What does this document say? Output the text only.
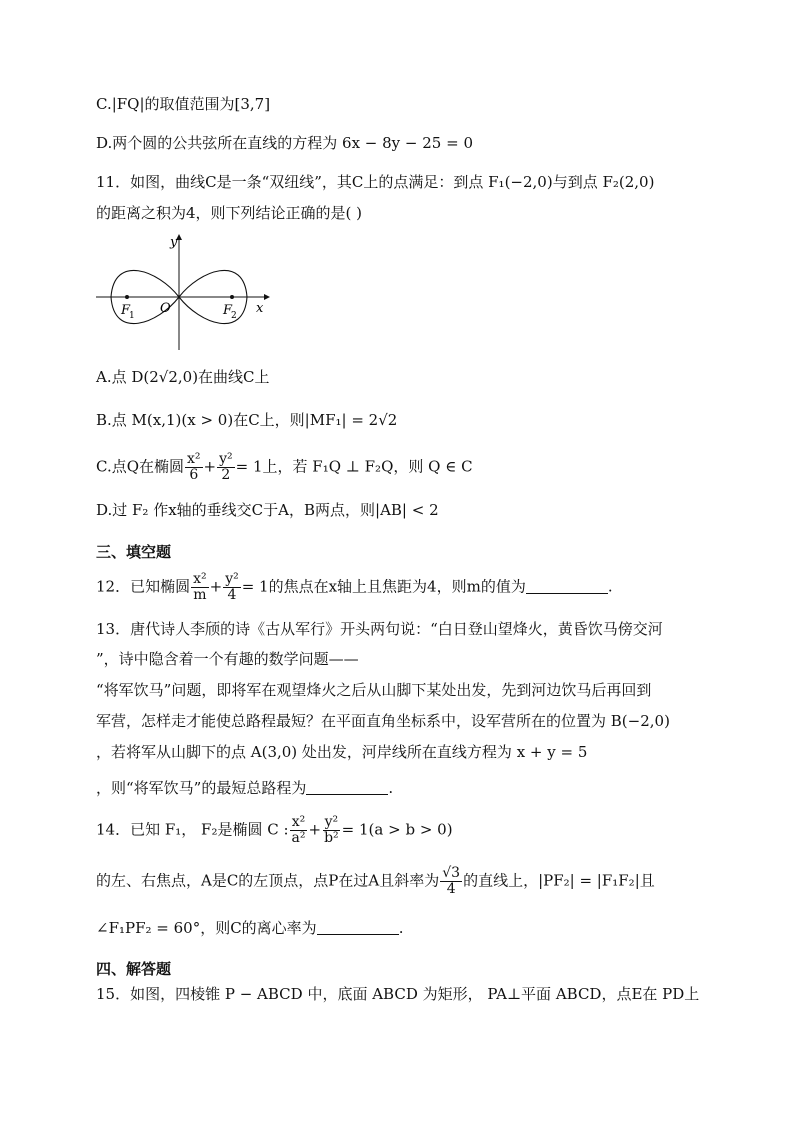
C.|FQ|的取值范围为[3,7]
D.两个圆的公共弦所在直线的方程为 6x − 8y − 25 = 0
11．如图，曲线C是一条“双纽线”，其C上的点满足：到点 F₁(−2,0)与到点 F₂(2,0)
的距离之积为4，则下列结论正确的是( )
y
x
O
F
1	F
2
A.点 D(2√2,0)在曲线C上
B.点 M(x,1)(x > 0)在C上，则|MF₁| = 2√2
C.点Q在椭圆 $\frac{\text{x²}}{6} + \frac{\text{y²}}{2} = 1$上，若 F₁Q ⊥ F₂Q，则 Q ∈ C
D.过 F₂ 作x轴的垂线交C于A，B两点，则|AB| < 2
三、填空题
12．已知椭圆 $\frac{\text{x²}}{m} + \frac{\text{y²}}{4} = 1$的焦点在x轴上且焦距为4，则m的值为	.
13．唐代诗人李颀的诗《古从军行》开头两句说：“白日登山望烽火，黄昏饮马傍交河
”，诗中隐含着一个有趣的数学问题——
“将军饮马”问题，即将军在观望烽火之后从山脚下某处出发，先到河边饮马后再回到
军营，怎样走才能使总路程最短？在平面直角坐标系中，设军营所在的位置为 B(−2,0)
，若将军从山脚下的点 A(3,0) 处出发，河岸线所在直线方程为 x + y = 5
，则“将军饮马”的最短总路程为	.
14．已知 F₁， F₂是椭圆 C : $\frac{\text{x²}}{\text{a²}} + \frac{\text{y²}}{\text{b²}} = 1(a > b > 0)$
的左、右焦点，A是C的左顶点，点P在过A且斜率为 $\frac{√3}{4}$ 的直线上，|PF₂| = |F₁F₂|且
∠F₁PF₂ = 60°，则C的离心率为	.
四、解答题
15．如图，四棱锥 P − ABCD 中，底面 ABCD 为矩形， PA⊥平面 ABCD，点E在 PD上
